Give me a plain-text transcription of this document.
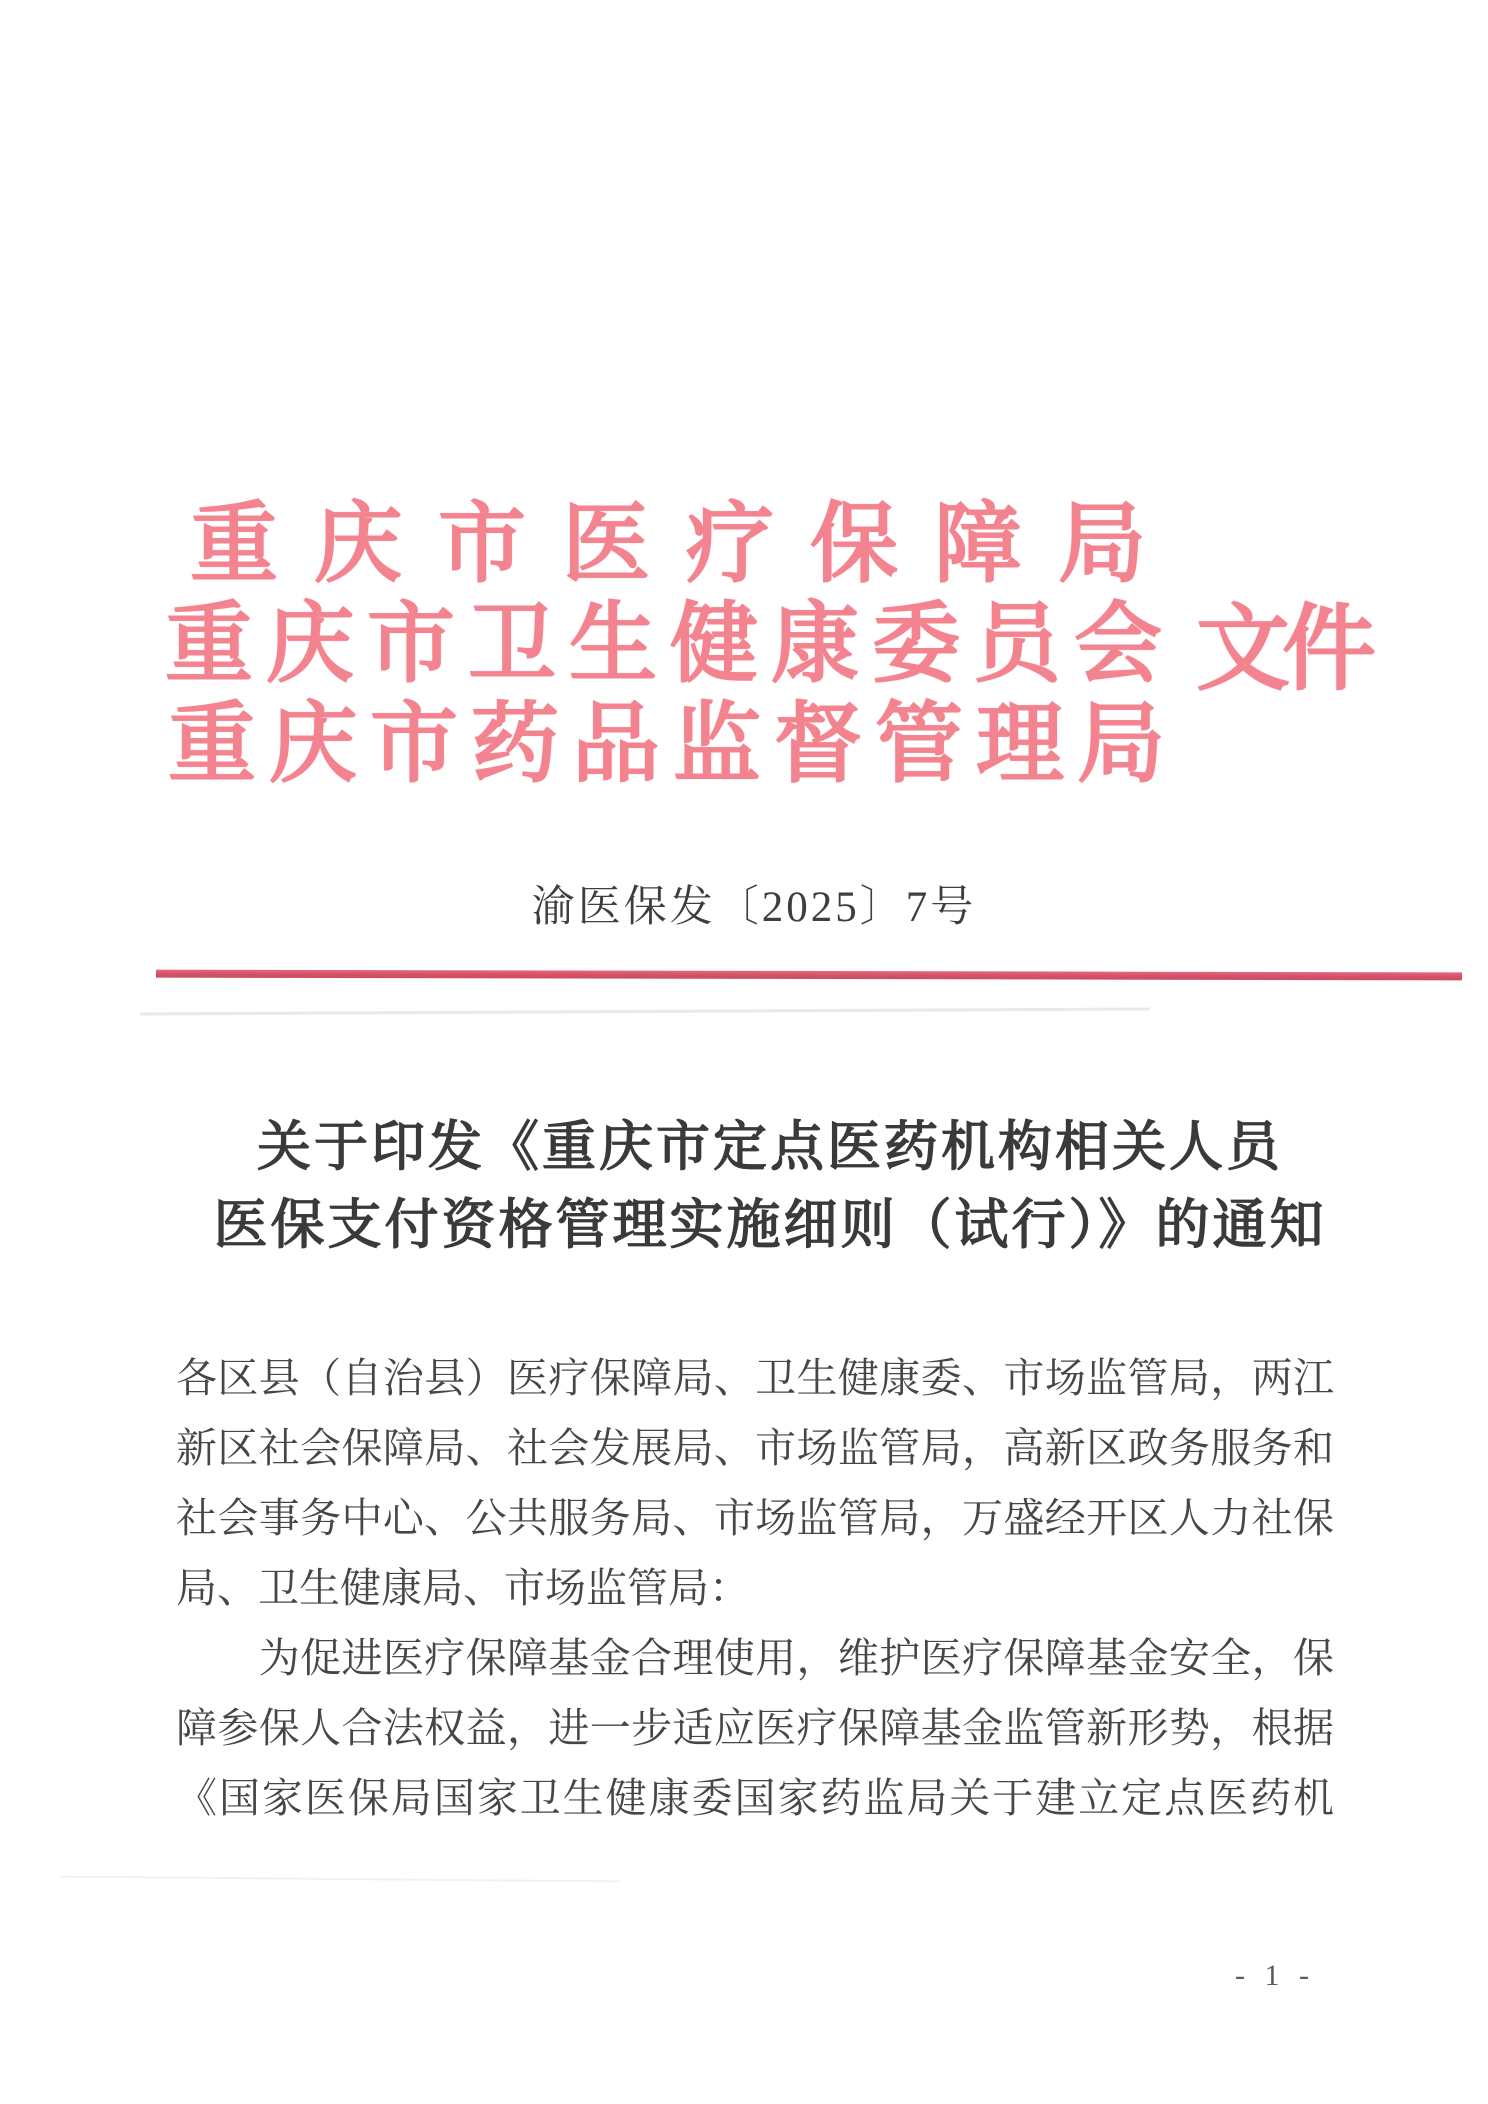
重庆市医疗保障局
重庆市卫生健康委员会
重庆市药品监督管理局
文件
渝医保发〔2025〕7号
关于印发《重庆市定点医药机构相关人员
医保支付资格管理实施细则（试行）》的通知
各区县（自治县）医疗保障局、卫生健康委、市场监管局，两江
新区社会保障局、社会发展局、市场监管局，高新区政务服务和
社会事务中心、公共服务局、市场监管局，万盛经开区人力社保
局、卫生健康局、市场监管局：
　　为促进医疗保障基金合理使用，维护医疗保障基金安全，保
障参保人合法权益，进一步适应医疗保障基金监管新形势，根据
《国家医保局国家卫生健康委国家药监局关于建立定点医药机
- 1 -
